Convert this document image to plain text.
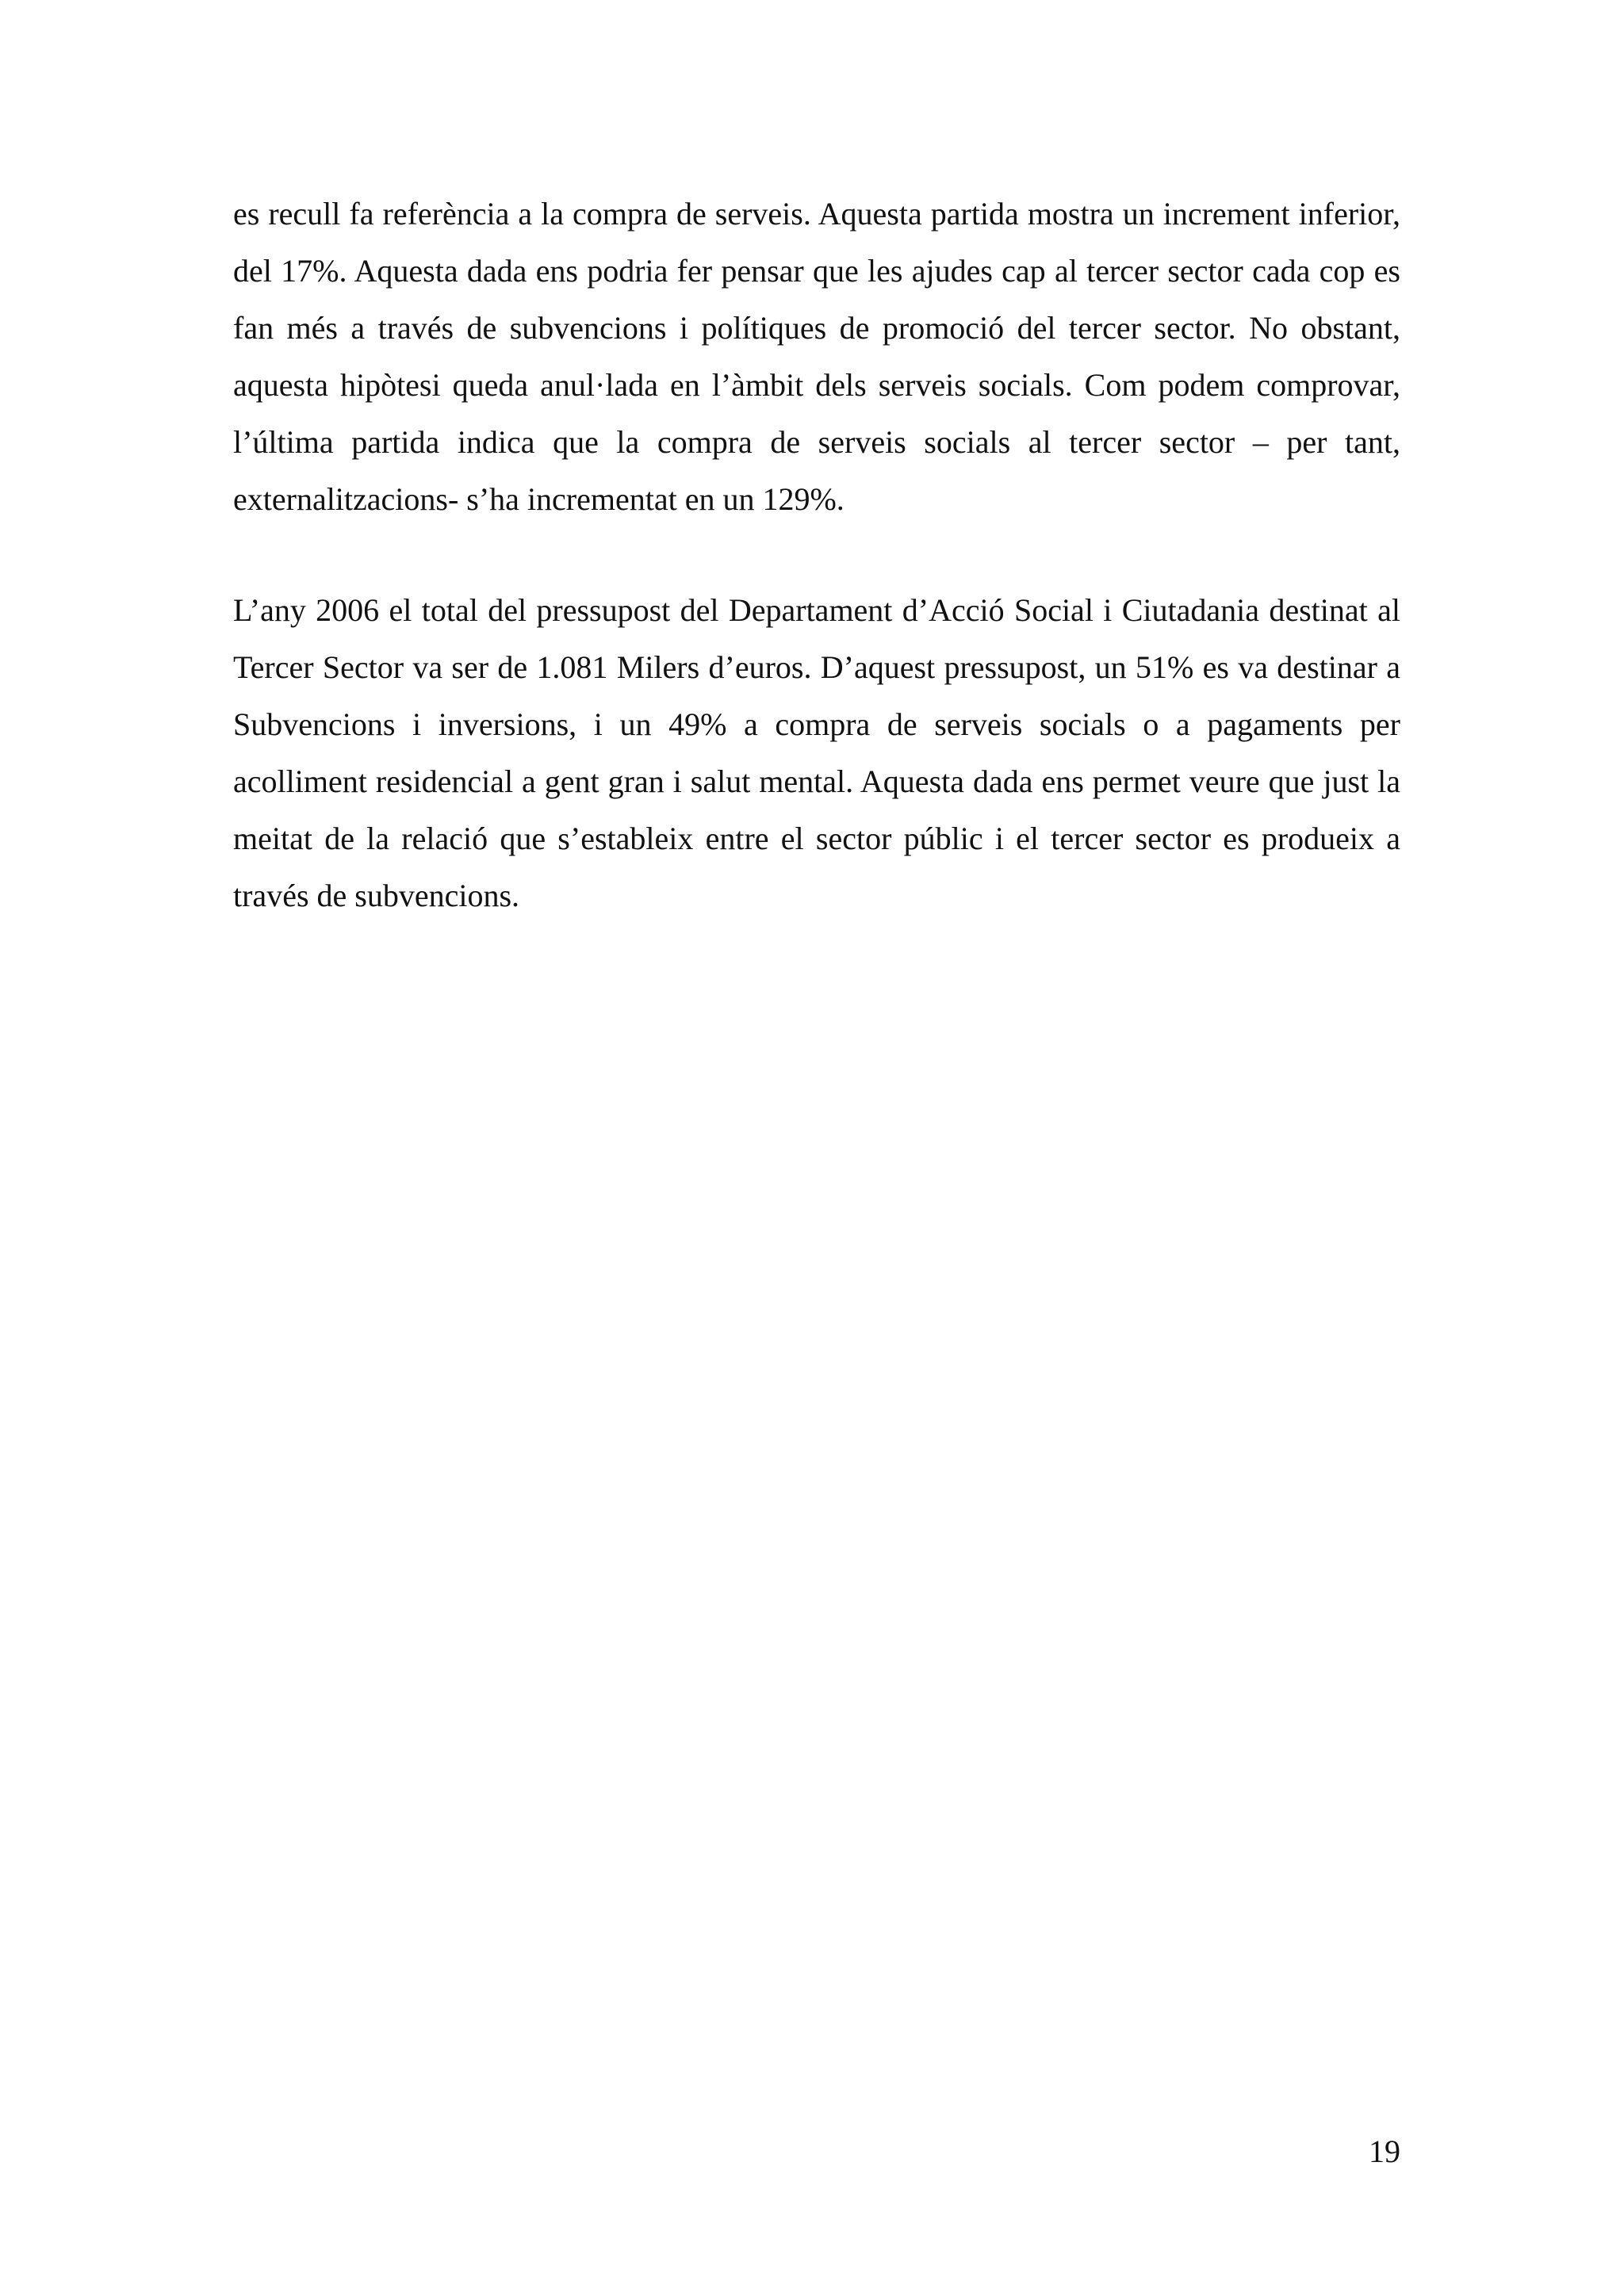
es recull fa referència a la compra de serveis. Aquesta partida mostra un increment inferior, del 17%. Aquesta dada ens podria fer pensar que les ajudes cap al tercer sector cada cop es fan més a través de subvencions i polítiques de promoció del tercer sector. No obstant, aquesta hipòtesi queda anul·lada en l’àmbit dels serveis socials. Com podem comprovar, l’última partida indica que la compra de serveis socials al tercer sector – per tant, externalitzacions- s’ha incrementat en un 129%.

L’any 2006 el total del pressupost del Departament d’Acció Social i Ciutadania destinat al Tercer Sector va ser de 1.081 Milers d’euros. D’aquest pressupost, un 51% es va destinar a Subvencions i inversions, i un 49% a compra de serveis socials o a pagaments per acolliment residencial a gent gran i salut mental. Aquesta dada ens permet veure que just la meitat de la relació que s’estableix entre el sector públic i el tercer sector es produeix a través de subvencions.

19
